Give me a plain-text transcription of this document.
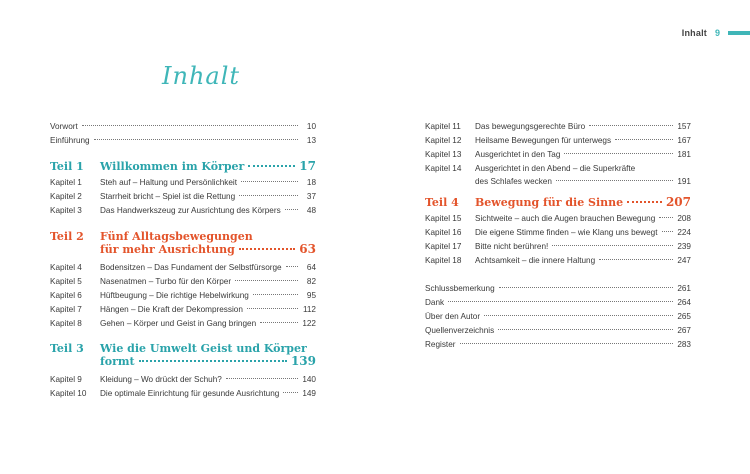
Inhalt 9
Inhalt
Vorwort	10
Einführung	13
Teil 1	Willkommen im Körper	17
Kapitel 1	Steh auf – Haltung und Persönlichkeit	18
Kapitel 2	Starrheit bricht – Spiel ist die Rettung	37
Kapitel 3	Das Handwerkszeug zur Ausrichtung des Körpers	48
Teil 2	Fünf Alltagsbewegungen
für mehr Ausrichtung	63
Kapitel 4	Bodensitzen – Das Fundament der Selbstfürsorge	64
Kapitel 5	Nasenatmen – Turbo für den Körper	82
Kapitel 6	Hüftbeugung – Die richtige Hebelwirkung	95
Kapitel 7	Hängen – Die Kraft der Dekompression	112
Kapitel 8	Gehen – Körper und Geist in Gang bringen	122
Teil 3	Wie die Umwelt Geist und Körper
formt	139
Kapitel 9	Kleidung – Wo drückt der Schuh?	140
Kapitel 10	Die optimale Einrichtung für gesunde Ausrichtung	149
Kapitel 11	Das bewegungsgerechte Büro	157
Kapitel 12	Heilsame Bewegungen für unterwegs	167
Kapitel 13	Ausgerichtet in den Tag	181
Kapitel 14	Ausgerichtet in den Abend – die Superkräfte
des Schlafes wecken	191
Teil 4	Bewegung für die Sinne	207
Kapitel 15	Sichtweite – auch die Augen brauchen Bewegung	208
Kapitel 16	Die eigene Stimme finden – wie Klang uns bewegt 224
Kapitel 17	Bitte nicht berühren!	239
Kapitel 18	Achtsamkeit – die innere Haltung	247
Schlussbemerkung	261
Dank	264
Über den Autor	265
Quellenverzeichnis	267
Register	283
